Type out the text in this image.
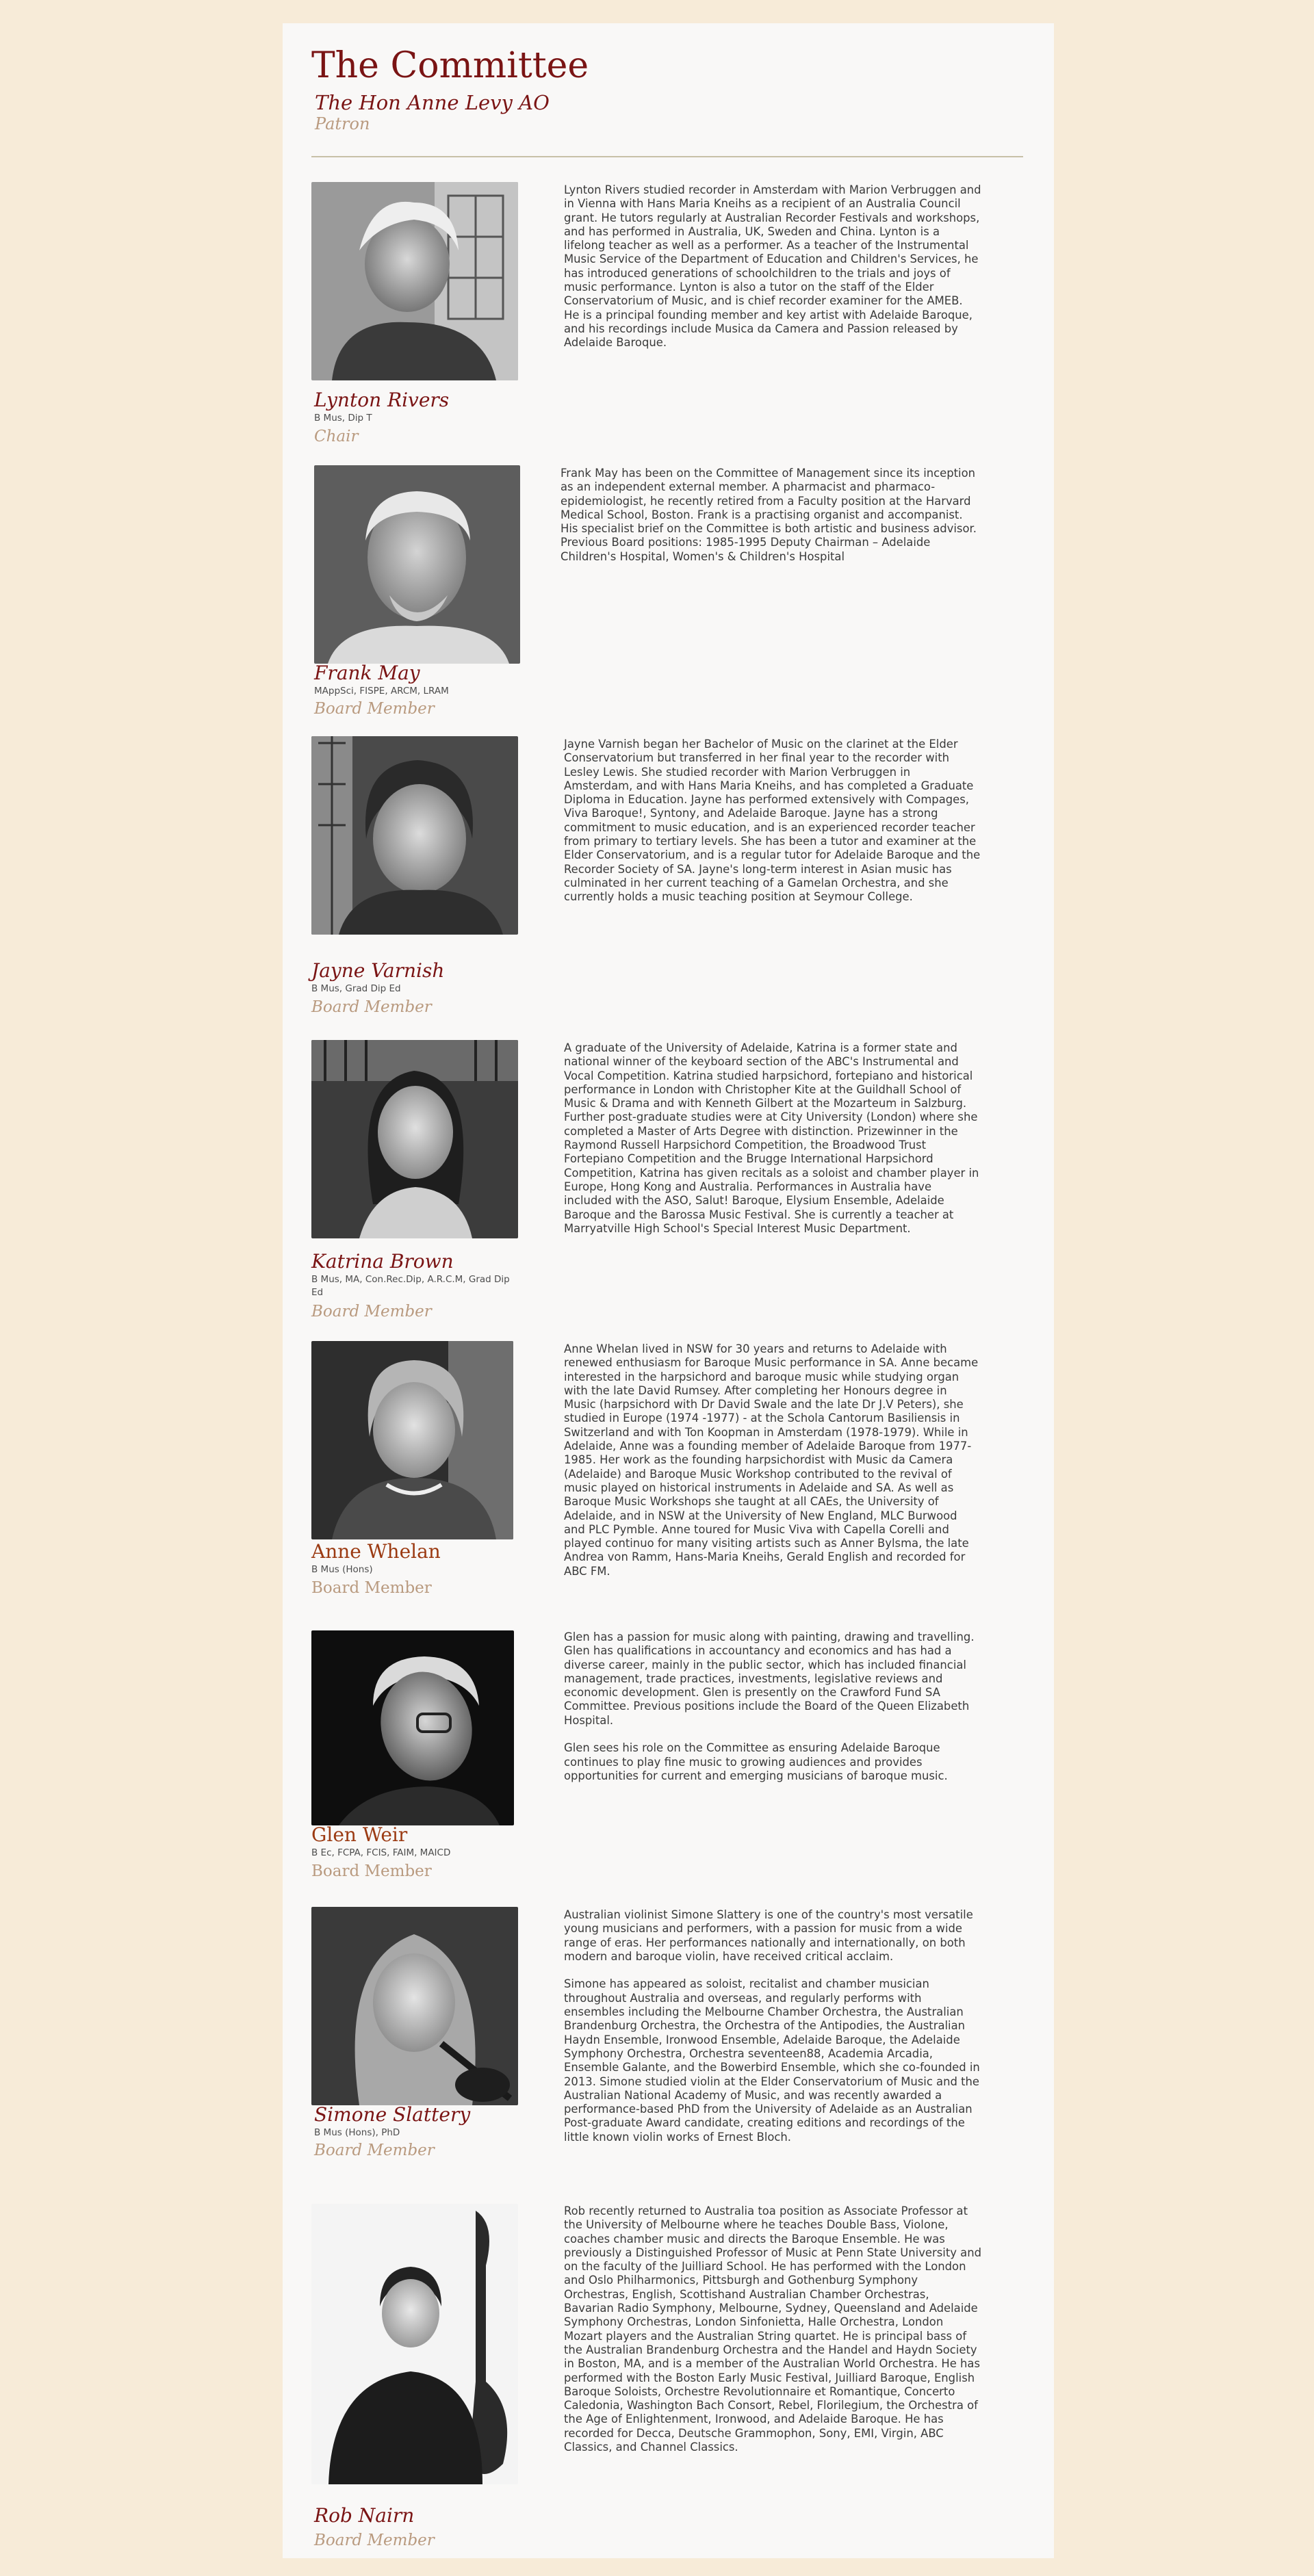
The Committee
The Hon Anne Levy AO
Patron
Lynton Rivers
B Mus, Dip T
Chair

Lynton Rivers studied recorder in Amsterdam with Marion Verbruggen and in Vienna with Hans Maria Kneihs as a recipient of an Australia Council grant. He tutors regularly at Australian Recorder Festivals and workshops, and has performed in Australia, UK, Sweden and China. Lynton is a lifelong teacher as well as a performer. As a teacher of the Instrumental Music Service of the Department of Education and Children's Services, he has introduced generations of schoolchildren to the trials and joys of music performance. Lynton is also a tutor on the staff of the Elder Conservatorium of Music, and is chief recorder examiner for the AMEB. He is a principal founding member and key artist with Adelaide Baroque, and his recordings include Musica da Camera and Passion released by Adelaide Baroque.

Frank May
MAppSci, FISPE, ARCM, LRAM
Board Member

Frank May has been on the Committee of Management since its inception as an independent external member. A pharmacist and pharmaco-epidemiologist, he recently retired from a Faculty position at the Harvard Medical School, Boston. Frank is a practising organist and accompanist. His specialist brief on the Committee is both artistic and business advisor. Previous Board positions: 1985-1995 Deputy Chairman – Adelaide Children's Hospital, Women's & Children's Hospital

Jayne Varnish
B Mus, Grad Dip Ed
Board Member

Jayne Varnish began her Bachelor of Music on the clarinet at the Elder Conservatorium but transferred in her final year to the recorder with Lesley Lewis. She studied recorder with Marion Verbruggen in Amsterdam, and with Hans Maria Kneihs, and has completed a Graduate Diploma in Education. Jayne has performed extensively with Compages, Viva Baroque!, Syntony, and Adelaide Baroque. Jayne has a strong commitment to music education, and is an experienced recorder teacher from primary to tertiary levels. She has been a tutor and examiner at the Elder Conservatorium, and is a regular tutor for Adelaide Baroque and the Recorder Society of SA. Jayne's long-term interest in Asian music has culminated in her current teaching of a Gamelan Orchestra, and she currently holds a music teaching position at Seymour College.

Katrina Brown
B Mus, MA, Con.Rec.Dip, A.R.C.M, Grad Dip Ed
Board Member

A graduate of the University of Adelaide, Katrina is a former state and national winner of the keyboard section of the ABC's Instrumental and Vocal Competition. Katrina studied harpsichord, fortepiano and historical performance in London with Christopher Kite at the Guildhall School of Music & Drama and with Kenneth Gilbert at the Mozarteum in Salzburg. Further post-graduate studies were at City University (London) where she completed a Master of Arts Degree with distinction. Prizewinner in the Raymond Russell Harpsichord Competition, the Broadwood Trust Fortepiano Competition and the Brugge International Harpsichord Competition, Katrina has given recitals as a soloist and chamber player in Europe, Hong Kong and Australia. Performances in Australia have included with the ASO, Salut! Baroque, Elysium Ensemble, Adelaide Baroque and the Barossa Music Festival. She is currently a teacher at Marryatville High School's Special Interest Music Department.

Anne Whelan
B Mus (Hons)
Board Member

Anne Whelan lived in NSW for 30 years and returns to Adelaide with renewed enthusiasm for Baroque Music performance in SA. Anne became interested in the harpsichord and baroque music while studying organ with the late David Rumsey. After completing her Honours degree in Music (harpsichord with Dr David Swale and the late Dr J.V Peters), she studied in Europe (1974 -1977) - at the Schola Cantorum Basiliensis in Switzerland and with Ton Koopman in Amsterdam (1978-1979). While in Adelaide, Anne was a founding member of Adelaide Baroque from 1977-1985. Her work as the founding harpsichordist with Music da Camera (Adelaide) and Baroque Music Workshop contributed to the revival of music played on historical instruments in Adelaide and SA. As well as Baroque Music Workshops she taught at all CAEs, the University of Adelaide, and in NSW at the University of New England, MLC Burwood and PLC Pymble. Anne toured for Music Viva with Capella Corelli and played continuo for many visiting artists such as Anner Bylsma, the late Andrea von Ramm, Hans-Maria Kneihs, Gerald English and recorded for ABC FM.

Glen Weir
B Ec, FCPA, FCIS, FAIM, MAICD
Board Member

Glen has a passion for music along with painting, drawing and travelling. Glen has qualifications in accountancy and economics and has had a diverse career, mainly in the public sector, which has included financial management, trade practices, investments, legislative reviews and economic development. Glen is presently on the Crawford Fund SA Committee. Previous positions include the Board of the Queen Elizabeth Hospital.

Glen sees his role on the Committee as ensuring Adelaide Baroque continues to play fine music to growing audiences and provides opportunities for current and emerging musicians of baroque music.

Simone Slattery
B Mus (Hons), PhD
Board Member

Australian violinist Simone Slattery is one of the country's most versatile young musicians and performers, with a passion for music from a wide range of eras. Her performances nationally and internationally, on both modern and baroque violin, have received critical acclaim.

Simone has appeared as soloist, recitalist and chamber musician throughout Australia and overseas, and regularly performs with ensembles including the Melbourne Chamber Orchestra, the Australian Brandenburg Orchestra, the Orchestra of the Antipodies, the Australian Haydn Ensemble, Ironwood Ensemble, Adelaide Baroque, the Adelaide Symphony Orchestra, Orchestra seventeen88, Academia Arcadia, Ensemble Galante, and the Bowerbird Ensemble, which she co-founded in 2013. Simone studied violin at the Elder Conservatorium of Music and the Australian National Academy of Music, and was recently awarded a performance-based PhD from the University of Adelaide as an Australian Post-graduate Award candidate, creating editions and recordings of the little known violin works of Ernest Bloch.

Rob Nairn
Board Member

Rob recently returned to Australia toa position as Associate Professor at the University of Melbourne where he teaches Double Bass, Violone, coaches chamber music and directs the Baroque Ensemble. He was previously a Distinguished Professor of Music at Penn State University and on the faculty of the Juilliard School. He has performed with the London and Oslo Philharmonics, Pittsburgh and Gothenburg Symphony Orchestras, English, Scottishand Australian Chamber Orchestras, Bavarian Radio Symphony, Melbourne, Sydney, Queensland and Adelaide Symphony Orchestras, London Sinfonietta, Halle Orchestra, London Mozart players and the Australian String quartet. He is principal bass of the Australian Brandenburg Orchestra and the Handel and Haydn Society in Boston, MA, and is a member of the Australian World Orchestra. He has performed with the Boston Early Music Festival, Juilliard Baroque, English Baroque Soloists, Orchestre Revolutionnaire et Romantique, Concerto Caledonia, Washington Bach Consort, Rebel, Florilegium, the Orchestra of the Age of Enlightenment, Ironwood, and Adelaide Baroque. He has recorded for Decca, Deutsche Grammophon, Sony, EMI, Virgin, ABC Classics, and Channel Classics.
